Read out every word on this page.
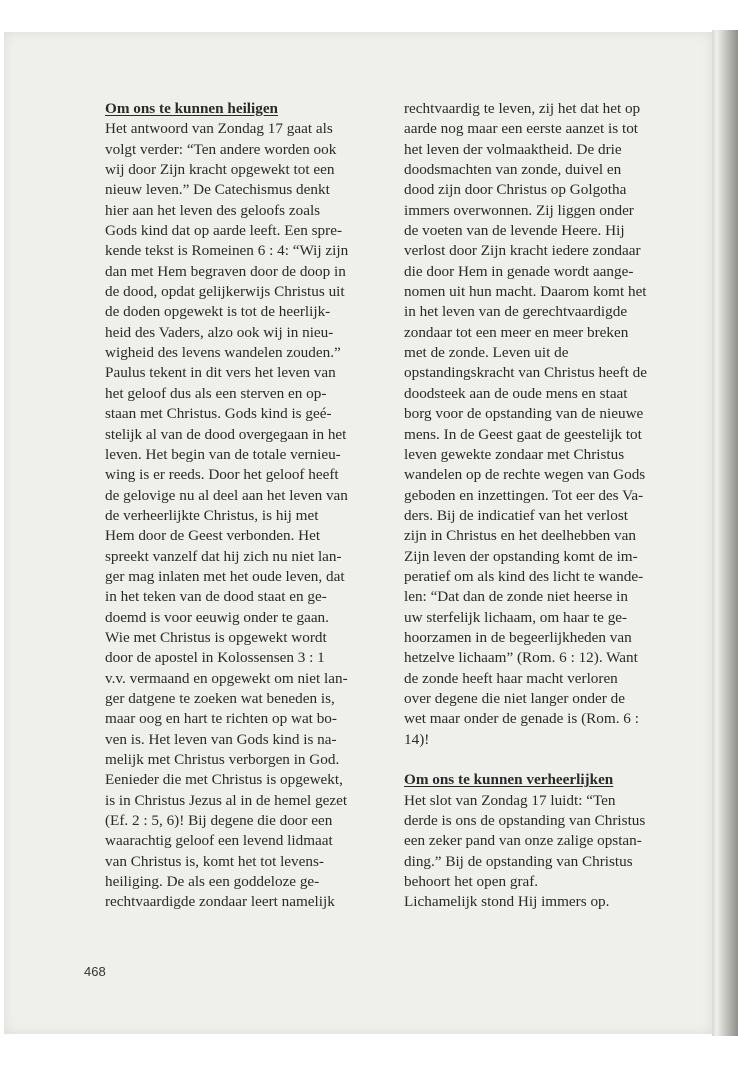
Om ons te kunnen heiligen
Het antwoord van Zondag 17 gaat als
volgt verder: “Ten andere worden ook
wij door Zijn kracht opgewekt tot een
nieuw leven.” De Catechismus denkt
hier aan het leven des geloofs zoals
Gods kind dat op aarde leeft. Een spre-
kende tekst is Romeinen 6 : 4: “Wij zijn
dan met Hem begraven door de doop in
de dood, opdat gelijkerwijs Christus uit
de doden opgewekt is tot de heerlijk-
heid des Vaders, alzo ook wij in nieu-
wigheid des levens wandelen zouden.”
Paulus tekent in dit vers het leven van
het geloof dus als een sterven en op-
staan met Christus. Gods kind is geé-
stelijk al van de dood overgegaan in het
leven. Het begin van de totale vernieu-
wing is er reeds. Door het geloof heeft
de gelovige nu al deel aan het leven van
de verheerlijkte Christus, is hij met
Hem door de Geest verbonden. Het
spreekt vanzelf dat hij zich nu niet lan-
ger mag inlaten met het oude leven, dat
in het teken van de dood staat en ge-
doemd is voor eeuwig onder te gaan.
Wie met Christus is opgewekt wordt
door de apostel in Kolossensen 3 : 1
v.v. vermaand en opgewekt om niet lan-
ger datgene te zoeken wat beneden is,
maar oog en hart te richten op wat bo-
ven is. Het leven van Gods kind is na-
melijk met Christus verborgen in God.
Eenieder die met Christus is opgewekt,
is in Christus Jezus al in de hemel gezet
(Ef. 2 : 5, 6)! Bij degene die door een
waarachtig geloof een levend lidmaat
van Christus is, komt het tot levens-
heiliging. De als een goddeloze ge-
rechtvaardigde zondaar leert namelijk
rechtvaardig te leven, zij het dat het op
aarde nog maar een eerste aanzet is tot
het leven der volmaaktheid. De drie
doodsmachten van zonde, duivel en
dood zijn door Christus op Golgotha
immers overwonnen. Zij liggen onder
de voeten van de levende Heere. Hij
verlost door Zijn kracht iedere zondaar
die door Hem in genade wordt aange-
nomen uit hun macht. Daarom komt het
in het leven van de gerechtvaardigde
zondaar tot een meer en meer breken
met de zonde. Leven uit de
opstandingskracht van Christus heeft de
doodsteek aan de oude mens en staat
borg voor de opstanding van de nieuwe
mens. In de Geest gaat de geestelijk tot
leven gewekte zondaar met Christus
wandelen op de rechte wegen van Gods
geboden en inzettingen. Tot eer des Va-
ders. Bij de indicatief van het verlost
zijn in Christus en het deelhebben van
Zijn leven der opstanding komt de im-
peratief om als kind des licht te wande-
len: “Dat dan de zonde niet heerse in
uw sterfelijk lichaam, om haar te ge-
hoorzamen in de begeerlijkheden van
hetzelve lichaam” (Rom. 6 : 12). Want
de zonde heeft haar macht verloren
over degene die niet langer onder de
wet maar onder de genade is (Rom. 6 :
14)!
Om ons te kunnen verheerlijken
Het slot van Zondag 17 luidt: “Ten
derde is ons de opstanding van Christus
een zeker pand van onze zalige opstan-
ding.” Bij de opstanding van Christus
behoort het open graf.
Lichamelijk stond Hij immers op.
468
